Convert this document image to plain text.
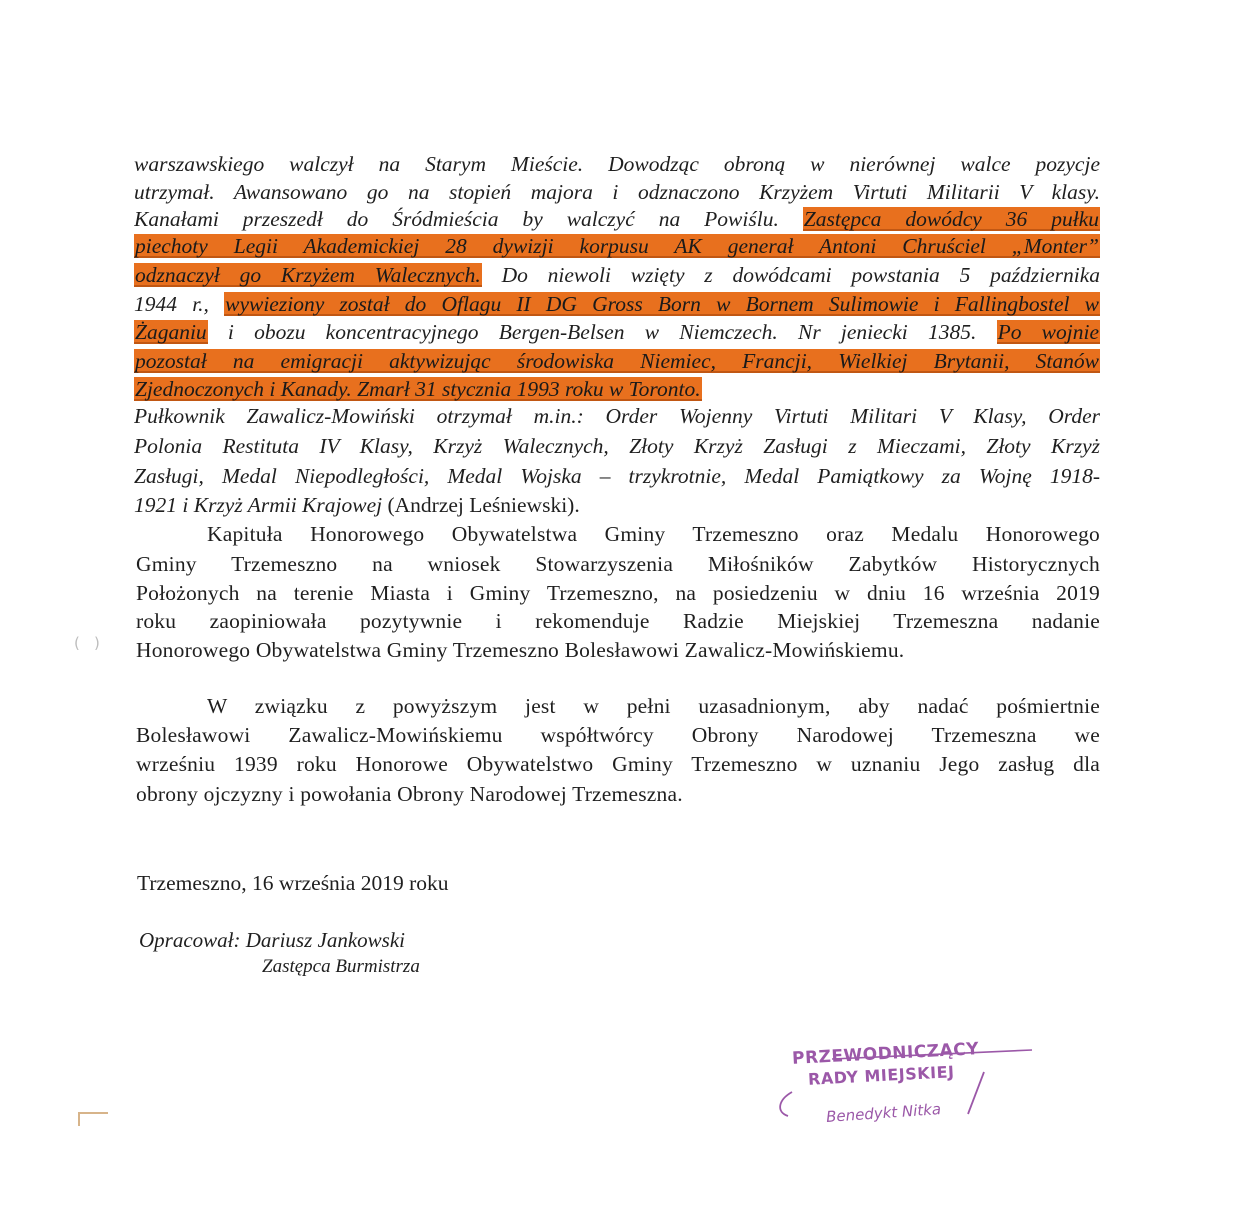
warszawskiego walczył na Starym Mieście. Dowodząc obroną w nierównej walce pozycje
utrzymał. Awansowano go na stopień majora i odznaczono Krzyżem Virtuti Militarii V klasy.
Kanałami przeszedł do Śródmieścia by walczyć na Powiślu. Zastępca dowódcy 36 pułku
piechoty Legii Akademickiej 28 dywizji korpusu AK generał Antoni Chruściel „Monter”
odznaczył go Krzyżem Walecznych. Do niewoli wzięty z dowódcami powstania 5 października
1944 r., wywieziony został do Oflagu II DG Gross Born w Bornem Sulimowie i Fallingbostel w
Żaganiu i obozu koncentracyjnego Bergen-Belsen w Niemczech. Nr jeniecki 1385. Po wojnie
pozostał na emigracji aktywizując środowiska Niemiec, Francji, Wielkiej Brytanii, Stanów
Zjednoczonych i Kanady. Zmarł 31 stycznia 1993 roku w Toronto.
Pułkownik Zawalicz-Mowiński otrzymał m.in.: Order Wojenny Virtuti Militari V Klasy, Order
Polonia Restituta IV Klasy, Krzyż Walecznych, Złoty Krzyż Zasługi z Mieczami, Złoty Krzyż
Zasługi, Medal Niepodległości, Medal Wojska – trzykrotnie, Medal Pamiątkowy za Wojnę 1918-
1921 i Krzyż Armii Krajowej (Andrzej Leśniewski).
Kapituła Honorowego Obywatelstwa Gminy Trzemeszno oraz Medalu Honorowego
Gminy Trzemeszno na wniosek Stowarzyszenia Miłośników Zabytków Historycznych
Położonych na terenie Miasta i Gminy Trzemeszno, na posiedzeniu w dniu 16 września 2019
roku zaopiniowała pozytywnie i rekomenduje Radzie Miejskiej Trzemeszna nadanie
Honorowego Obywatelstwa Gminy Trzemeszno Bolesławowi Zawalicz-Mowińskiemu.
W związku z powyższym jest w pełni uzasadnionym, aby nadać pośmiertnie
Bolesławowi Zawalicz-Mowińskiemu współtwórcy Obrony Narodowej Trzemeszna we
wrześniu 1939 roku Honorowe Obywatelstwo Gminy Trzemeszno w uznaniu Jego zasług dla
obrony ojczyzny i powołania Obrony Narodowej Trzemeszna.
Trzemeszno, 16 września 2019 roku
Opracował: Dariusz Jankowski
Zastępca Burmistrza
PRZEWODNICZĄCY
RADY MIEJSKIEJ
Benedykt Nitka
( )
